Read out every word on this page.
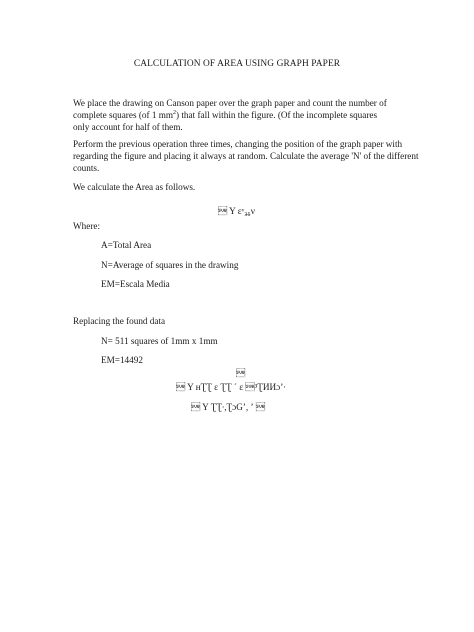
CALCULATION OF AREA USING GRAPH PAPER
We place the drawing on Canson paper over the graph paper and count the number of
complete squares (of 1 $mm^2$) that fall within the figure. (Of the incomplete squares
only account for half of them.
Perform the previous operation three times, changing the position of the graph paper with
regarding the figure and placing it always at random. Calculate the average 'N' of the different
counts.
We calculate the Area as follows.
 Y εᵛ₃̲₅ν
Where:
A=Total Area
N=Average of squares in the drawing
EM=Escala Media
Replacing the found data
N= 511 squares of 1mm x 1mm
EM=14492

 Y нƮƮ ε ƮƮ ´ ε ³ƮИИɔʼ∙
 Y ƮƮ∙,ƮɔGʼ, ʼ 
